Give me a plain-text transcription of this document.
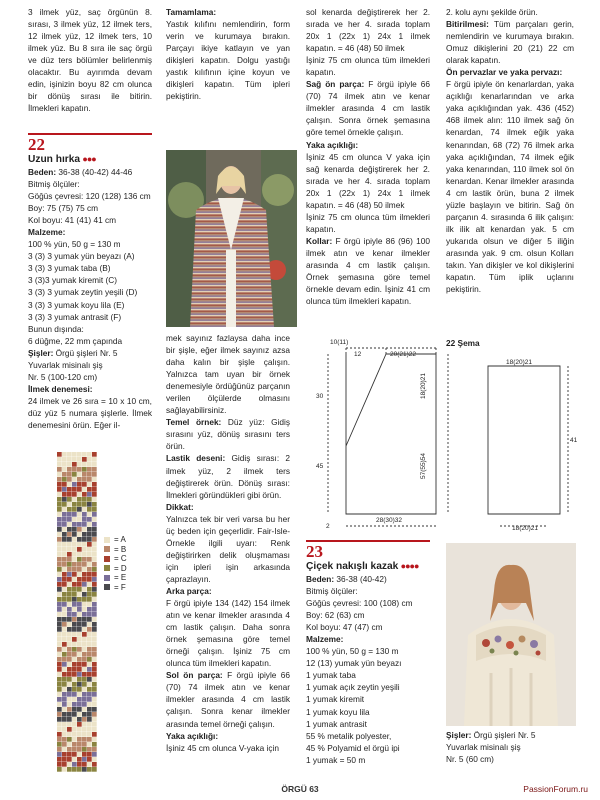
3 ilmek yüz, saç örgünün 8. sırası, 3 ilmek yüz, 12 ilmek ters, 12 ilmek yüz, 12 ilmek ters, 10 ilmek yüz. Bu 8 sıra ile saç örgü ve düz ters bölümler belirlenmiş olacaktır. Bu ayırımda devam edin, işinizin boyu 82 cm olunca bir dönüş sırası ile bitirin. İlmekleri kapatın.

22
Uzun hırka ●●●

Beden: 36-38 (40-42) 44-46

Bitmiş ölçüler:

Göğüs çevresi: 120 (128) 136 cm

Boy: 75 (75) 75 cm

Kol boyu: 41 (41) 41 cm

Malzeme:

100 % yün, 50 g = 130 m

3 (3) 3 yumak yün beyazı (A)

3 (3) 3 yumak taba (B)

3 (3)3 yumak kiremit (C)

3 (3) 3 yumak zeytin yeşili (D)

3 (3) 3 yumak koyu lila (E)

3 (3) 3 yumak antrasit (F)

Bunun dışında:

6 düğme, 22 mm çapında

Şişler: Örgü şişleri Nr. 5

Yuvarlak misinalı şiş

Nr. 5 (100-120 cm)

İlmek denemesi:

24 ilmek ve 26 sıra = 10 x 10 cm, düz yüz 5 numara şişlerle. İlmek denemesini örün. Eğer il-

= A
= B
= C
= D
= E
= F

Tamamlama:

Yastık kılıfını nemlendirin, form verin ve kurumaya bırakın. Parçayı ikiye katlayın ve yan dikişleri kapatın. Dolgu yastığı yastık kılıfının içine koyun ve dikişleri kapatın. Tüm ipleri pekiştirin.

mek sayınız fazlaysa daha ince bir şişle, eğer ilmek sayınız azsa daha kalın bir şişle çalışın. Yalnızca tam uyan bir örnek denemesiyle ördüğünüz parçanın verilen ölçülerde olmasını sağlayabilirsiniz.

Temel örnek: Düz yüz: Gidiş sırasını yüz, dönüş sırasını ters örün.

Lastik deseni: Gidiş sırası: 2 ilmek yüz, 2 ilmek ters değiştirerek örün. Dönüş sırası: İlmekleri göründükleri gibi örün.

Dikkat:

Yalnızca tek bir veri varsa bu her üç beden için geçerlidir. Fair-Isle-Örnekle ilgili uyarı: Renk değiştirirken delik oluşmaması için ipleri işin arkasında çaprazlayın.

Arka parça:

F örgü ipiyle 134 (142) 154 ilmek atın ve kenar ilmekler arasında 4 cm lastik çalışın. Daha sonra örnek şemasına göre temel örneği çalışın. İşiniz 75 cm olunca tüm ilmekleri kapatın.

Sol ön parça: F örgü ipiyle 66 (70) 74 ilmek atın ve kenar ilmekler arasında 4 cm lastik çalışın. Sonra kenar ilmekler arasında temel örneği çalışın.

Yaka açıklığı:

İşiniz 45 cm olunca V-yaka için

sol kenarda değiştirerek her 2. sırada ve her 4. sırada toplam 20x 1 (22x 1) 24x 1 ilmek kapatın. = 46 (48) 50 ilmek

İşiniz 75 cm olunca tüm ilmekleri kapatın.

Sağ ön parça: F örgü ipiyle 66 (70) 74 ilmek atın ve kenar ilmekler arasında 4 cm lastik çalışın. Sonra örnek şemasına göre temel örnekle çalışın.

Yaka açıklığı:

İşiniz 45 cm olunca V yaka için sağ kenarda değiştirerek her 2. sırada ve her 4. sırada toplam 20x 1 (22x 1) 24x 1 ilmek kapatın. = 46 (48) 50 ilmek

İşiniz 75 cm olunca tüm ilmekleri kapatın.

Kollar: F örgü ipiyle 86 (96) 100 ilmek atın ve kenar ilmekler arasında 4 cm lastik çalışın. Örnek şemasına göre temel örnekle devam edin. İşiniz 41 cm olunca tüm ilmekleri kapatın.

2. kolu aynı şekilde örün.

Bitirilmesi: Tüm parçaları gerin, nemlendirin ve kurumaya bırakın. Omuz dikişlerini 20 (21) 22 cm olarak kapatın.

Ön pervazlar ve yaka pervazı:

F örgü ipiyle ön kenarlardan, yaka açıklığı kenarlarından ve arka yaka açıklığından yak. 436 (452) 468 ilmek alın: 110 ilmek sağ ön kenardan, 74 ilmek eğik yaka kenarından, 68 (72) 76 ilmek arka yaka açıklığından, 74 ilmek eğik yaka kenarından, 110 ilmek sol ön kenardan. Kenar ilmekler arasında 4 cm lastik örün, buna 2 ilmek yüzle başlayın ve bitirin. Sağ ön parçanın 4. sırasında 6 ilik çalışın: ilk ilik alt kenardan yak. 5 cm yukarıda olsun ve diğer 5 iliğin arasında yak. 9 cm. olsun Kolları takın. Yan dikişler ve kol dikişlerini kapatın. Tüm iplik uçlarını pekiştirin.

22 Şema
10(11)
12	20(21)22
30
45
18(20)21
57(55)54
2
28(30)32
18(20)21
41
18(20)21
23
Çiçek nakışlı kazak ●●●●

Beden: 36-38 (40-42)

Bitmiş ölçüler:

Göğüs çevresi: 100 (108) cm

Boy: 62 (63) cm

Kol boyu: 47 (47) cm

Malzeme:

100 % yün, 50 g = 130 m

12 (13) yumak yün beyazı

1 yumak taba

1 yumak açık zeytin yeşili

1 yumak kiremit

1 yumak koyu lila

1 yumak antrasit

55 % metalik polyester,

45 % Polyamid el örgü ipi

1 yumak = 50 m

Şişler: Örgü şişleri Nr. 5

Yuvarlak misinalı şiş

Nr. 5 (60 cm)

ÖRGÜ 63	PassionForum.ru
